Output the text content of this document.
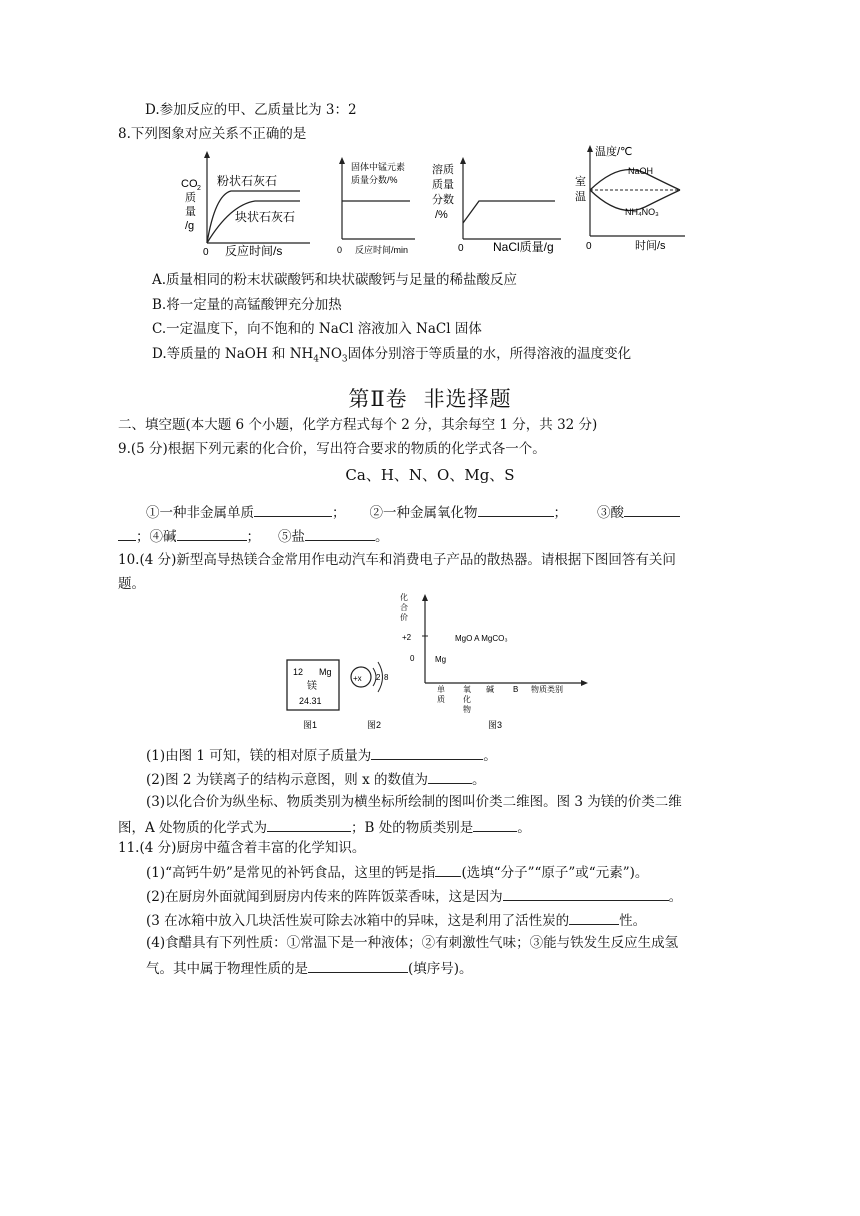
D.参加反应的甲、乙质量比为 3：2
8.下列图象对应关系不正确的是
CO 2
质
量
/g
0 反应时间/s
粉状石灰石
块状石灰石
固体中锰元素
质量分数/%
0 反应时间/min
溶质
质量
分数
/%
0 NaCl质量/g
温度/℃
室
温
NaOH
NH₄NO₃
0	时间/s
A.质量相同的粉末状碳酸钙和块状碳酸钙与足量的稀盐酸反应
B.将一定量的高锰酸钾充分加热
C.一定温度下，向不饱和的 NaCl 溶液加入 NaCl 固体
D.等质量的 NaOH 和 $NH_4NO_3$固体分别溶于等质量的水，所得溶液的温度变化
第Ⅱ卷 非选择题
二、填空题(本大题 6 个小题，化学方程式每个 2 分，其余每空 1 分，共 32 分)
9.(5 分)根据下列元素的化合价，写出符合要求的物质的化学式各一个。
Ca、H、N、O、Mg、S
①一种非金属单质	； ②一种金属氧化物	； ③酸
；④碱	； ⑤盐	。
10.(4 分)新型高导热镁合金常用作电动汽车和消费电子产品的散热器。请根据下图回答有关问
题。
12 Mg
镁
24.31
图1
+x 2 8
图2
化
合
价
+2
0
MgO A MgCO₃
Mg
单
质
氧
化
物
碱 B 物质类别
图3
(1)由图 1 可知，镁的相对原子质量为	。
(2)图 2 为镁离子的结构示意图，则 x 的数值为	。
(3)以化合价为纵坐标、物质类别为横坐标所绘制的图叫价类二维图。图 3 为镁的价类二维
图，A 处物质的化学式为	；B 处的物质类别是	。
11.(4 分)厨房中蕴含着丰富的化学知识。
(1)“高钙牛奶”是常见的补钙食品，这里的钙是指 (选填“分子”“原子”或“元素”)。
(2)在厨房外面就闻到厨房内传来的阵阵饭菜香味，这是因为	。
(3 在冰箱中放入几块活性炭可除去冰箱中的异味，这是利用了活性炭的	性。
(4)食醋具有下列性质：①常温下是一种液体；②有刺激性气味；③能与铁发生反应生成氢
气。其中属于物理性质的是	(填序号)。
